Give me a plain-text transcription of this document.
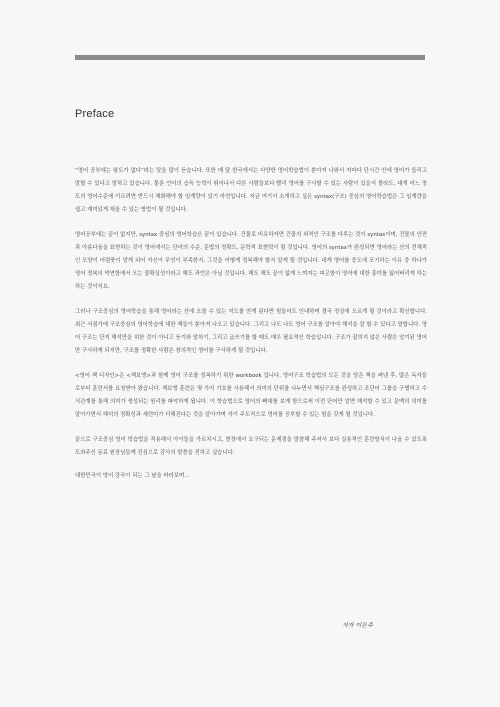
Preface

“영어 공부에는 왕도가 없다”라는 말을 많이 듣습니다. 또한 매 달 한국에서는 다양한 영어학습법이 쏟아져 나와서 저마다 단시간 안에 영어가 들리고 말할 수 있다고 말하고 있습니다. 물론 언어의 습득 능력이 뛰어나서 다른 사람들보다 빨리 영어를 구사할 수 있는 사람이 있을지 몰라도, 대개 어느 정도의 영어수준에 이르려면 반드시 체화해야 할 임계량이 있기 마련입니다. 지금 여기서 소개하고 싶은 syntax(구조) 중심의 영어학습법은 그 임계량을 쉽고 재미있게 채울 수 있는 방법이 될 것입니다.

영어공부에는 끝이 없지만, syntax 중심의 영어학습은 끝이 있습니다. 건물로 비유하자면 건물의 외적인 구조를 다루는 것이 syntax이며, 건물의 안전과 아름다움을 표현하는 것이 영어에서는 단어의 수준, 문법의 정확도, 문학적 표현력이 될 것입니다. 영어의 syntax가 완성되면 영어라는 산의 전체적인 모양이 어렴풋이 말게 되어 자신이 무엇이 부족한지, 그것을 어떻게 정복해야 할지 알게 될 것입니다. 대개 영어를 중도에 포기하는 이유 중 하나가 영어 정복의 막연함에서 오는 불확실성이라고 해도 과언은 아닐 것입니다. 해도 해도 끝이 없게 느껴지는 피곤함이 영어에 대한 흥미를 잃어버리게 하는 하는 것이지요.

그러나 구조중심의 영어학습을 통해 영어라는 산에 오를 수 있는 지도를 얻게 된다면 힘들어도 인내하며 결국 정상에 오르게 될 것이라고 확신합니다. 최근 서점가에 구조중심의 영어학습에 대한 책들이 쏟아져 나오고 있습니다. 그리고 나도 나도 영어 구조를 알아야 해석을 잘 할 수 있다고 말합니다. 영어 구조는 단지 해석만을 위한 것이 아니고 듣기와 말하기, 그리고 글쓰기를 할 때도 매우 필요적인 학습입니다. 구조가 잡히지 않은 사람은 암기된 영어만 구사하게 되지만, 구조를 정확한 사람은 창의적인 영어를 구사하게 될 것입니다.

<영어 책 디자인>은 <책보엥>과 함께 영어 구조를 정복하기 위한 workbook 입니다. 영어구조 학습법의 모든 것을 담은 책을 펴낸 후, 많은 독자들로부터 훈련서를 요청받아 왔습니다. 책보엥 훈련은 몇 가지 기호를 사용해서 의미의 단위를 나누면서 핵심구조를 완성하고 조단어 그룹을 구별하고 수식관계를 통해 의미가 생성되는 원리를 파악하게 됩니다. 이 학습법으로 영어의 뼈대를 보게 함으로써 이전 단어만 알면 해석할 수 있고 문맥의 의미를 알아가면서 해석의 정확성과 세련미가 더해진다는 것을 알아가며 자기 주도적으로 영어를 공부할 수 있는 힘을 갖게 될 것입니다.

끝으로 구조중심 영어 학습법을 적용해서 아이들을 가르치시고, 현장에서 요구되는 문제점을 말씀해 주셔서 보다 실용적인 훈련방식이 나올 수 있도록 도와주신 동료 원장님들께 진심으로 감사의 말씀을 전하고 싶습니다.

대한민국이 영어 강국이 되는 그 날을 바라보며…

저자 이은주
